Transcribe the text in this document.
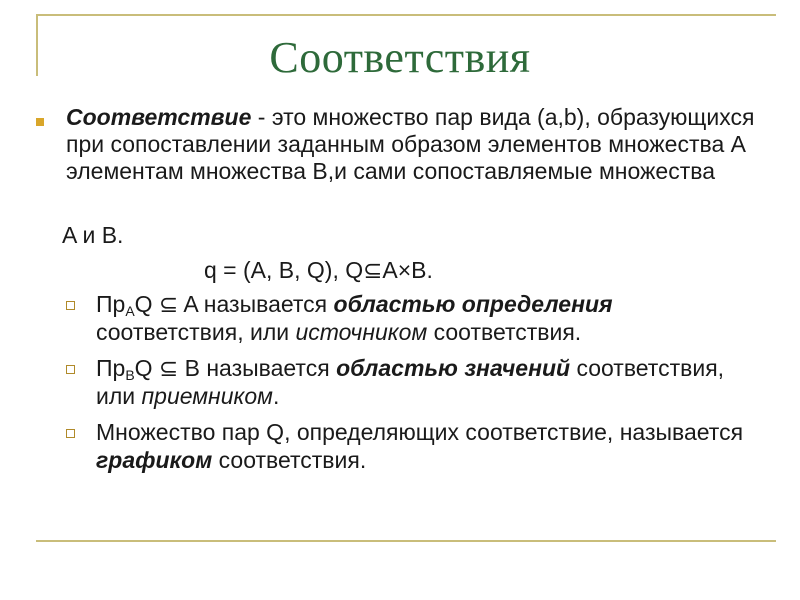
Соответствия
Соответствие - это множество пар вида (a,b), образующихся при сопоставлении заданным образом элементов множества A элементам множества B,и сами сопоставляемые множества
A и B.
q = (A, B, Q), Q⊆A×B.
$Пр_AQ$ ⊆ A называется областью определения соответствия, или источником соответствия.
$Пр_BQ$ ⊆ B называется областью значений соответствия, или приемником.
Множество пар Q, определяющих соответствие, называется графиком соответствия.
